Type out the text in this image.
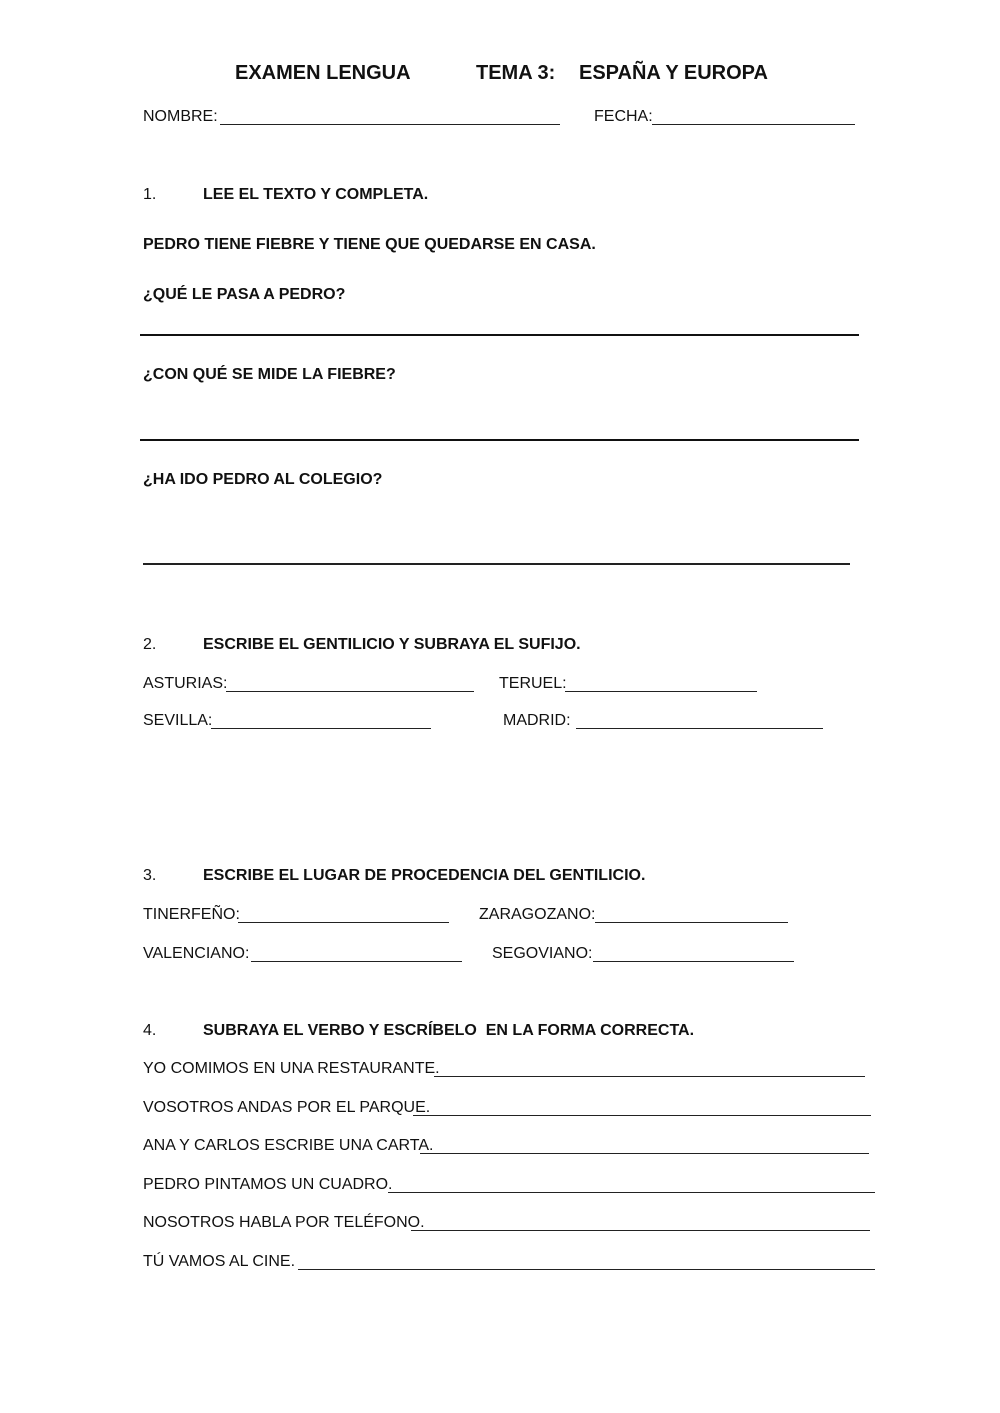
EXAMEN LENGUA	TEMA 3: ESPAÑA Y EUROPA
NOMBRE:	FECHA:
1.	LEE EL TEXTO Y COMPLETA.
PEDRO TIENE FIEBRE Y TIENE QUE QUEDARSE EN CASA.
¿QUÉ LE PASA A PEDRO?
¿CON QUÉ SE MIDE LA FIEBRE?
¿HA IDO PEDRO AL COLEGIO?
2.	ESCRIBE EL GENTILICIO Y SUBRAYA EL SUFIJO.
ASTURIAS:	TERUEL:
SEVILLA:	MADRID:
3.	ESCRIBE EL LUGAR DE PROCEDENCIA DEL GENTILICIO.
TINERFEÑO:	ZARAGOZANO:
VALENCIANO:	SEGOVIANO:
4.	SUBRAYA EL VERBO Y ESCRÍBELO  EN LA FORMA CORRECTA.
YO COMIMOS EN UNA RESTAURANTE.
VOSOTROS ANDAS POR EL PARQUE.
ANA Y CARLOS ESCRIBE UNA CARTA.
PEDRO PINTAMOS UN CUADRO.
NOSOTROS HABLA POR TELÉFONO.
TÚ VAMOS AL CINE.
